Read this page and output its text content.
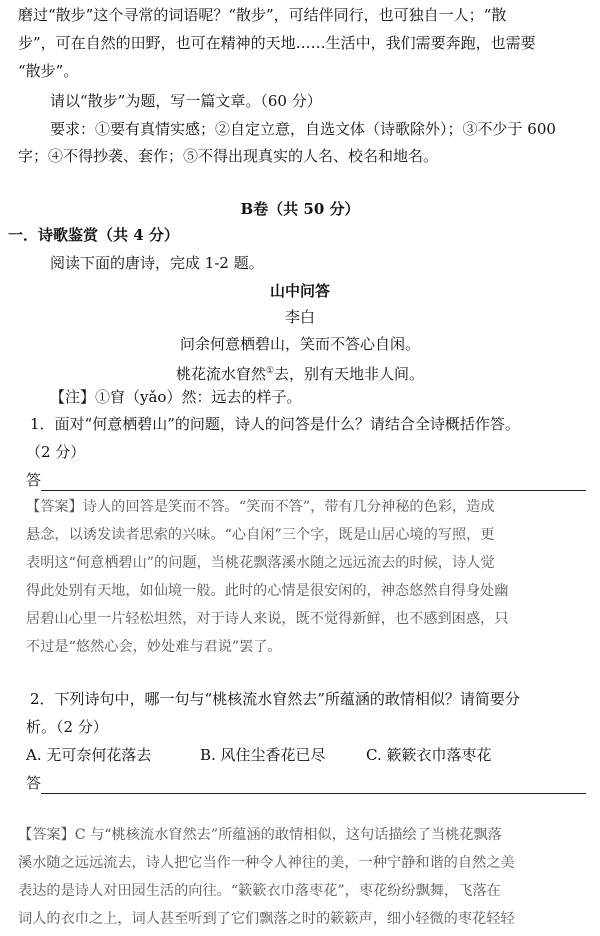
磨过“散步”这个寻常的词语呢？“散步”，可结伴同行，也可独自一人；“散
步”，可在自然的田野，也可在精神的天地……生活中，我们需要奔跑，也需要
“散步”。
请以“散步”为题，写一篇文章。（60 分）
要求：①要有真情实感；②自定立意，自选文体（诗歌除外）；③不少于 600
字；④不得抄袭、套作；⑤不得出现真实的人名、校名和地名。
B卷（共 50 分）
一．诗歌鉴赏（共 4 分）
阅读下面的唐诗，完成 1-2 题。
山中问答
李白
问余何意栖碧山，笑而不答心自闲。
桃花流水窅然①去，别有天地非人间。
【注】①窅（yǎo）然：远去的样子。
1．面对“何意栖碧山”的问题，诗人的问答是什么？请结合全诗概括作答。
（2 分）
答
【答案】诗人的回答是笑而不答。“笑而不答”，带有几分神秘的色彩，造成
悬念，以诱发读者思索的兴味。“心自闲”三个字，既是山居心境的写照，更
表明这“何意栖碧山”的问题，当桃花飘落溪水随之远远流去的时候，诗人觉
得此处别有天地，如仙境一般。此时的心情是很安闲的，神态悠然自得身处幽
居碧山心里一片轻松坦然，对于诗人来说，既不觉得新鲜，也不感到困惑，只
不过是“悠然心会，妙处难与君说”罢了。
2．下列诗句中，哪一句与“桃核流水窅然去”所蕴涵的敢情相似？请简要分
析。（2 分）
A. 无可奈何花落去	B. 风住尘香花已尽	C. 簌簌衣巾落枣花
答
【答案】C 与“桃核流水窅然去”所蕴涵的敢情相似，这句话描绘了当桃花飘落
溪水随之远远流去，诗人把它当作一种令人神往的美，一种宁静和谐的自然之美
表达的是诗人对田园生活的向往。“簌簌衣巾落枣花”，枣花纷纷飘舞，飞落在
词人的衣巾之上，词人甚至听到了它们飘落之时的簌簌声，细小轻微的枣花轻轻
